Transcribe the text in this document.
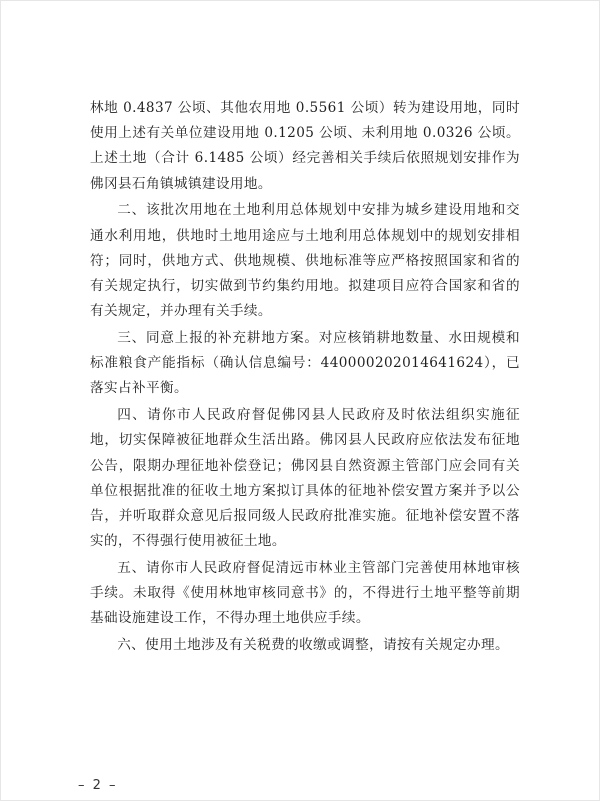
林地 0.4837 公顷、其他农用地 0.5561 公顷）转为建设用地，同时使用上述有关单位建设用地 0.1205 公顷、未利用地 0.0326 公顷。上述土地（合计 6.1485 公顷）经完善相关手续后依照规划安排作为佛冈县石角镇城镇建设用地。

二、该批次用地在土地利用总体规划中安排为城乡建设用地和交通水利用地，供地时土地用途应与土地利用总体规划中的规划安排相符；同时，供地方式、供地规模、供地标准等应严格按照国家和省的有关规定执行，切实做到节约集约用地。拟建项目应符合国家和省的有关规定，并办理有关手续。

三、同意上报的补充耕地方案。对应核销耕地数量、水田规模和标准粮食产能指标（确认信息编号：440000202014641624），已落实占补平衡。

四、请你市人民政府督促佛冈县人民政府及时依法组织实施征地，切实保障被征地群众生活出路。佛冈县人民政府应依法发布征地公告，限期办理征地补偿登记；佛冈县自然资源主管部门应会同有关单位根据批准的征收土地方案拟订具体的征地补偿安置方案并予以公告，并听取群众意见后报同级人民政府批准实施。征地补偿安置不落实的，不得强行使用被征土地。

五、请你市人民政府督促清远市林业主管部门完善使用林地审核手续。未取得《使用林地审核同意书》的，不得进行土地平整等前期基础设施建设工作，不得办理土地供应手续。

六、使用土地涉及有关税费的收缴或调整，请按有关规定办理。

– 2 –
